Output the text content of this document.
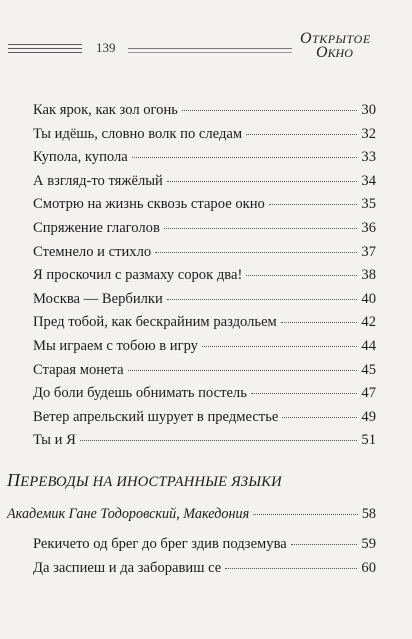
139
ОТКРЫТОЕ
ОКНО
Как ярок, как зол огонь	30
Ты идёшь, словно волк по следам	32
Купола, купола	33
А взгляд-то тяжёлый	34
Смотрю на жизнь сквозь старое окно	35
Спряжение глаголов	36
Стемнело и стихло	37
Я проскочил с размаху сорок два!	38
Москва — Вербилки	40
Пред тобой, как бескрайним раздольем	42
Мы играем с тобою в игру	44
Старая монета	45
До боли будешь обнимать постель	47
Ветер апрельский шурует в предместье	49
Ты и Я	51
ПЕРЕВОДЫ НА ИНОСТРАННЫЕ ЯЗЫКИ
Академик Гане Тодоровский, Македония	58
Рекичето од брег до брег здив подземува	59
Да заспиеш и да заборавиш се	60
